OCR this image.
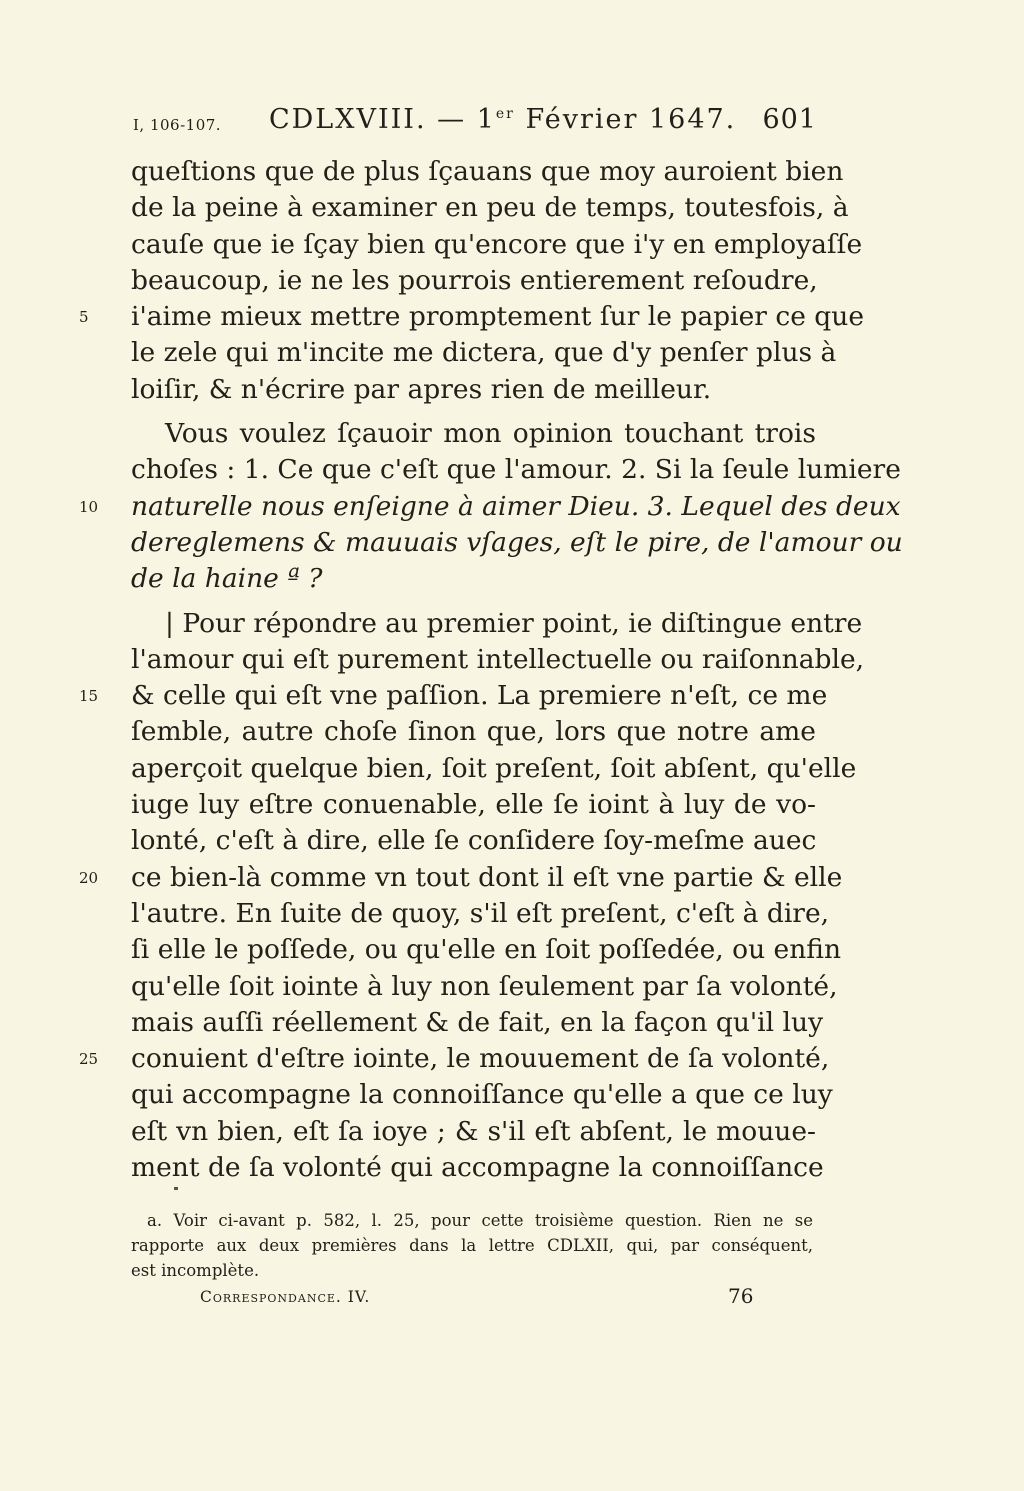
I, 106-107. CDLXVIII. — 1er Février 1647. 601
queſtions que de plus ſçauans que moy auroient bien
de la peine à examiner en peu de temps, toutesfois, à
cauſe que ie ſçay bien qu'encore que i'y en employaſſe
beaucoup, ie ne les pourrois entierement reſoudre,
5	i'aime mieux mettre promptement ſur le papier ce que
le zele qui m'incite me dictera, que d'y penſer plus à
loiſir, & n'écrire par apres rien de meilleur.
Vous voulez ſçauoir mon opinion touchant trois
choſes : 1. Ce que c'eſt que l'amour. 2. Si la ſeule lumiere
10 naturelle nous enſeigne à aimer Dieu. 3. Lequel des deux
dereglemens & mauuais vſages, eſt le pire, de l'amour ou
de la haine ª ?
| Pour répondre au premier point, ie diſtingue entre
l'amour qui eſt purement intellectuelle ou raiſonnable,
15 & celle qui eſt vne paſſion. La premiere n'eſt, ce me
ſemble, autre choſe ſinon que, lors que notre ame
aperçoit quelque bien, ſoit preſent, ſoit abſent, qu'elle
iuge luy eſtre conuenable, elle ſe ioint à luy de vo-
lonté, c'eſt à dire, elle ſe conſidere ſoy-meſme auec
20 ce bien-là comme vn tout dont il eſt vne partie & elle
l'autre. En ſuite de quoy, s'il eſt preſent, c'eſt à dire,
ſi elle le poſſede, ou qu'elle en ſoit poſſedée, ou enfin
qu'elle ſoit iointe à luy non ſeulement par ſa volonté,
mais auſſi réellement & de fait, en la façon qu'il luy
25 conuient d'eſtre iointe, le mouuement de ſa volonté,
qui accompagne la connoiſſance qu'elle a que ce luy
eſt vn bien, eſt ſa ioye ; & s'il eſt abſent, le mouue-
ment de ſa volonté qui accompagne la connoiſſance
a. Voir ci-avant p. 582, l. 25, pour cette troisième question. Rien ne se
rapporte aux deux premières dans la lettre CDLXII, qui, par conséquent,
est incomplète.
Correspondance. IV.	76
